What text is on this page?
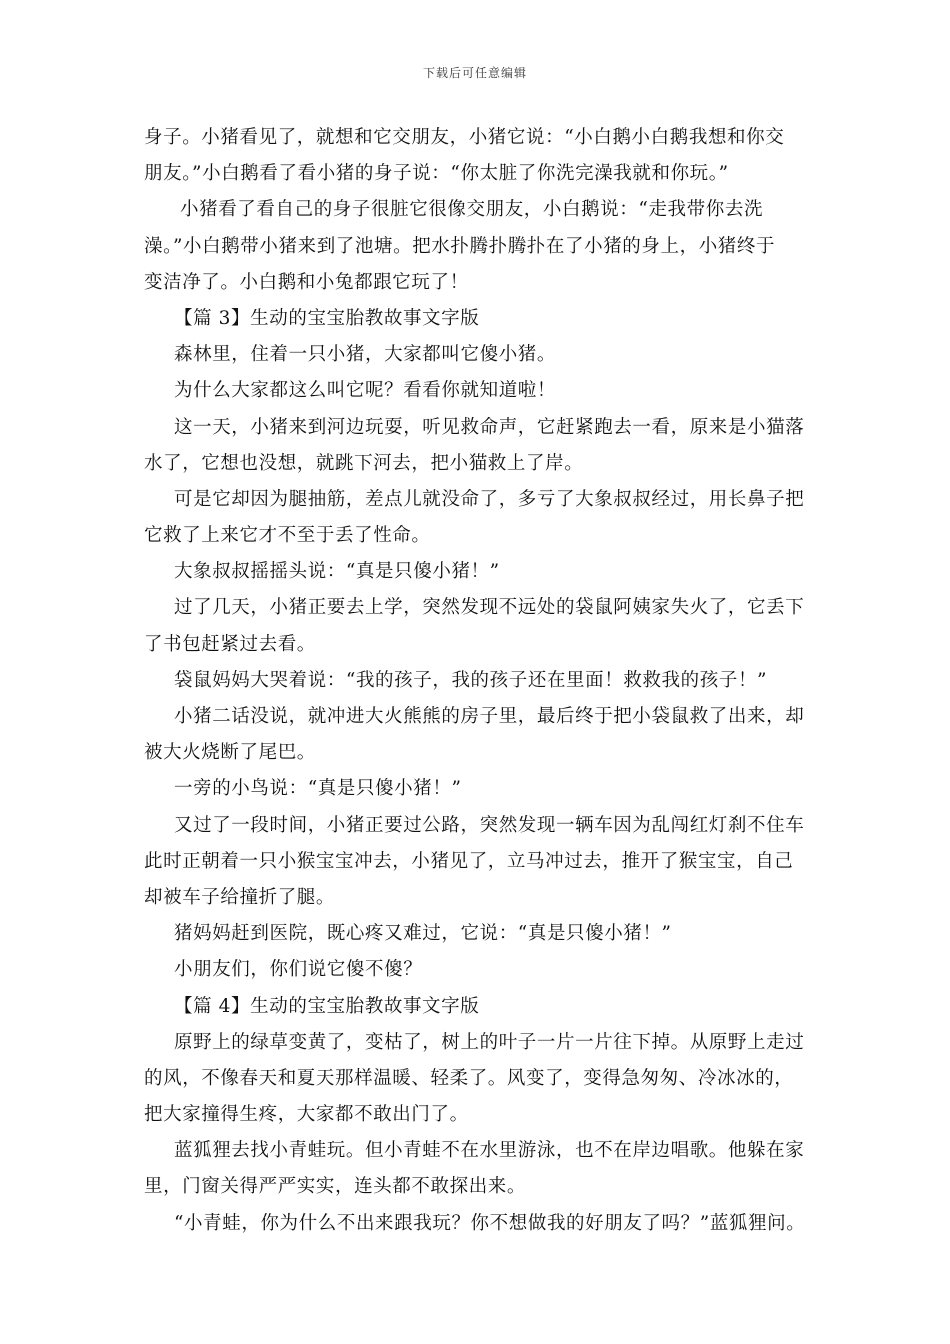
下载后可任意编辑
身子。小猪看见了，就想和它交朋友，小猪它说：“小白鹅小白鹅我想和你交
朋友。”小白鹅看了看小猪的身子说：“你太脏了你洗完澡我就和你玩。”
小猪看了看自己的身子很脏它很像交朋友，小白鹅说：“走我带你去洗
澡。”小白鹅带小猪来到了池塘。把水扑腾扑腾扑在了小猪的身上，小猪终于
变洁净了。小白鹅和小兔都跟它玩了！
【篇 3】生动的宝宝胎教故事文字版
森林里，住着一只小猪，大家都叫它傻小猪。
为什么大家都这么叫它呢？看看你就知道啦！
这一天，小猪来到河边玩耍，听见救命声，它赶紧跑去一看，原来是小猫落
水了，它想也没想，就跳下河去，把小猫救上了岸。
可是它却因为腿抽筋，差点儿就没命了，多亏了大象叔叔经过，用长鼻子把
它救了上来它才不至于丢了性命。
大象叔叔摇摇头说：“真是只傻小猪！”
过了几天，小猪正要去上学，突然发现不远处的袋鼠阿姨家失火了，它丢下
了书包赶紧过去看。
袋鼠妈妈大哭着说：“我的孩子，我的孩子还在里面！救救我的孩子！”
小猪二话没说，就冲进大火熊熊的房子里，最后终于把小袋鼠救了出来，却
被大火烧断了尾巴。
一旁的小鸟说：“真是只傻小猪！”
又过了一段时间，小猪正要过公路，突然发现一辆车因为乱闯红灯刹不住车
此时正朝着一只小猴宝宝冲去，小猪见了，立马冲过去，推开了猴宝宝，自己
却被车子给撞折了腿。
猪妈妈赶到医院，既心疼又难过，它说：“真是只傻小猪！”
小朋友们，你们说它傻不傻？
【篇 4】生动的宝宝胎教故事文字版
原野上的绿草变黄了，变枯了，树上的叶子一片一片往下掉。从原野上走过
的风，不像春天和夏天那样温暖、轻柔了。风变了，变得急匆匆、冷冰冰的，
把大家撞得生疼，大家都不敢出门了。
蓝狐狸去找小青蛙玩。但小青蛙不在水里游泳，也不在岸边唱歌。他躲在家
里，门窗关得严严实实，连头都不敢探出来。
“小青蛙，你为什么不出来跟我玩？你不想做我的好朋友了吗？”蓝狐狸问。
